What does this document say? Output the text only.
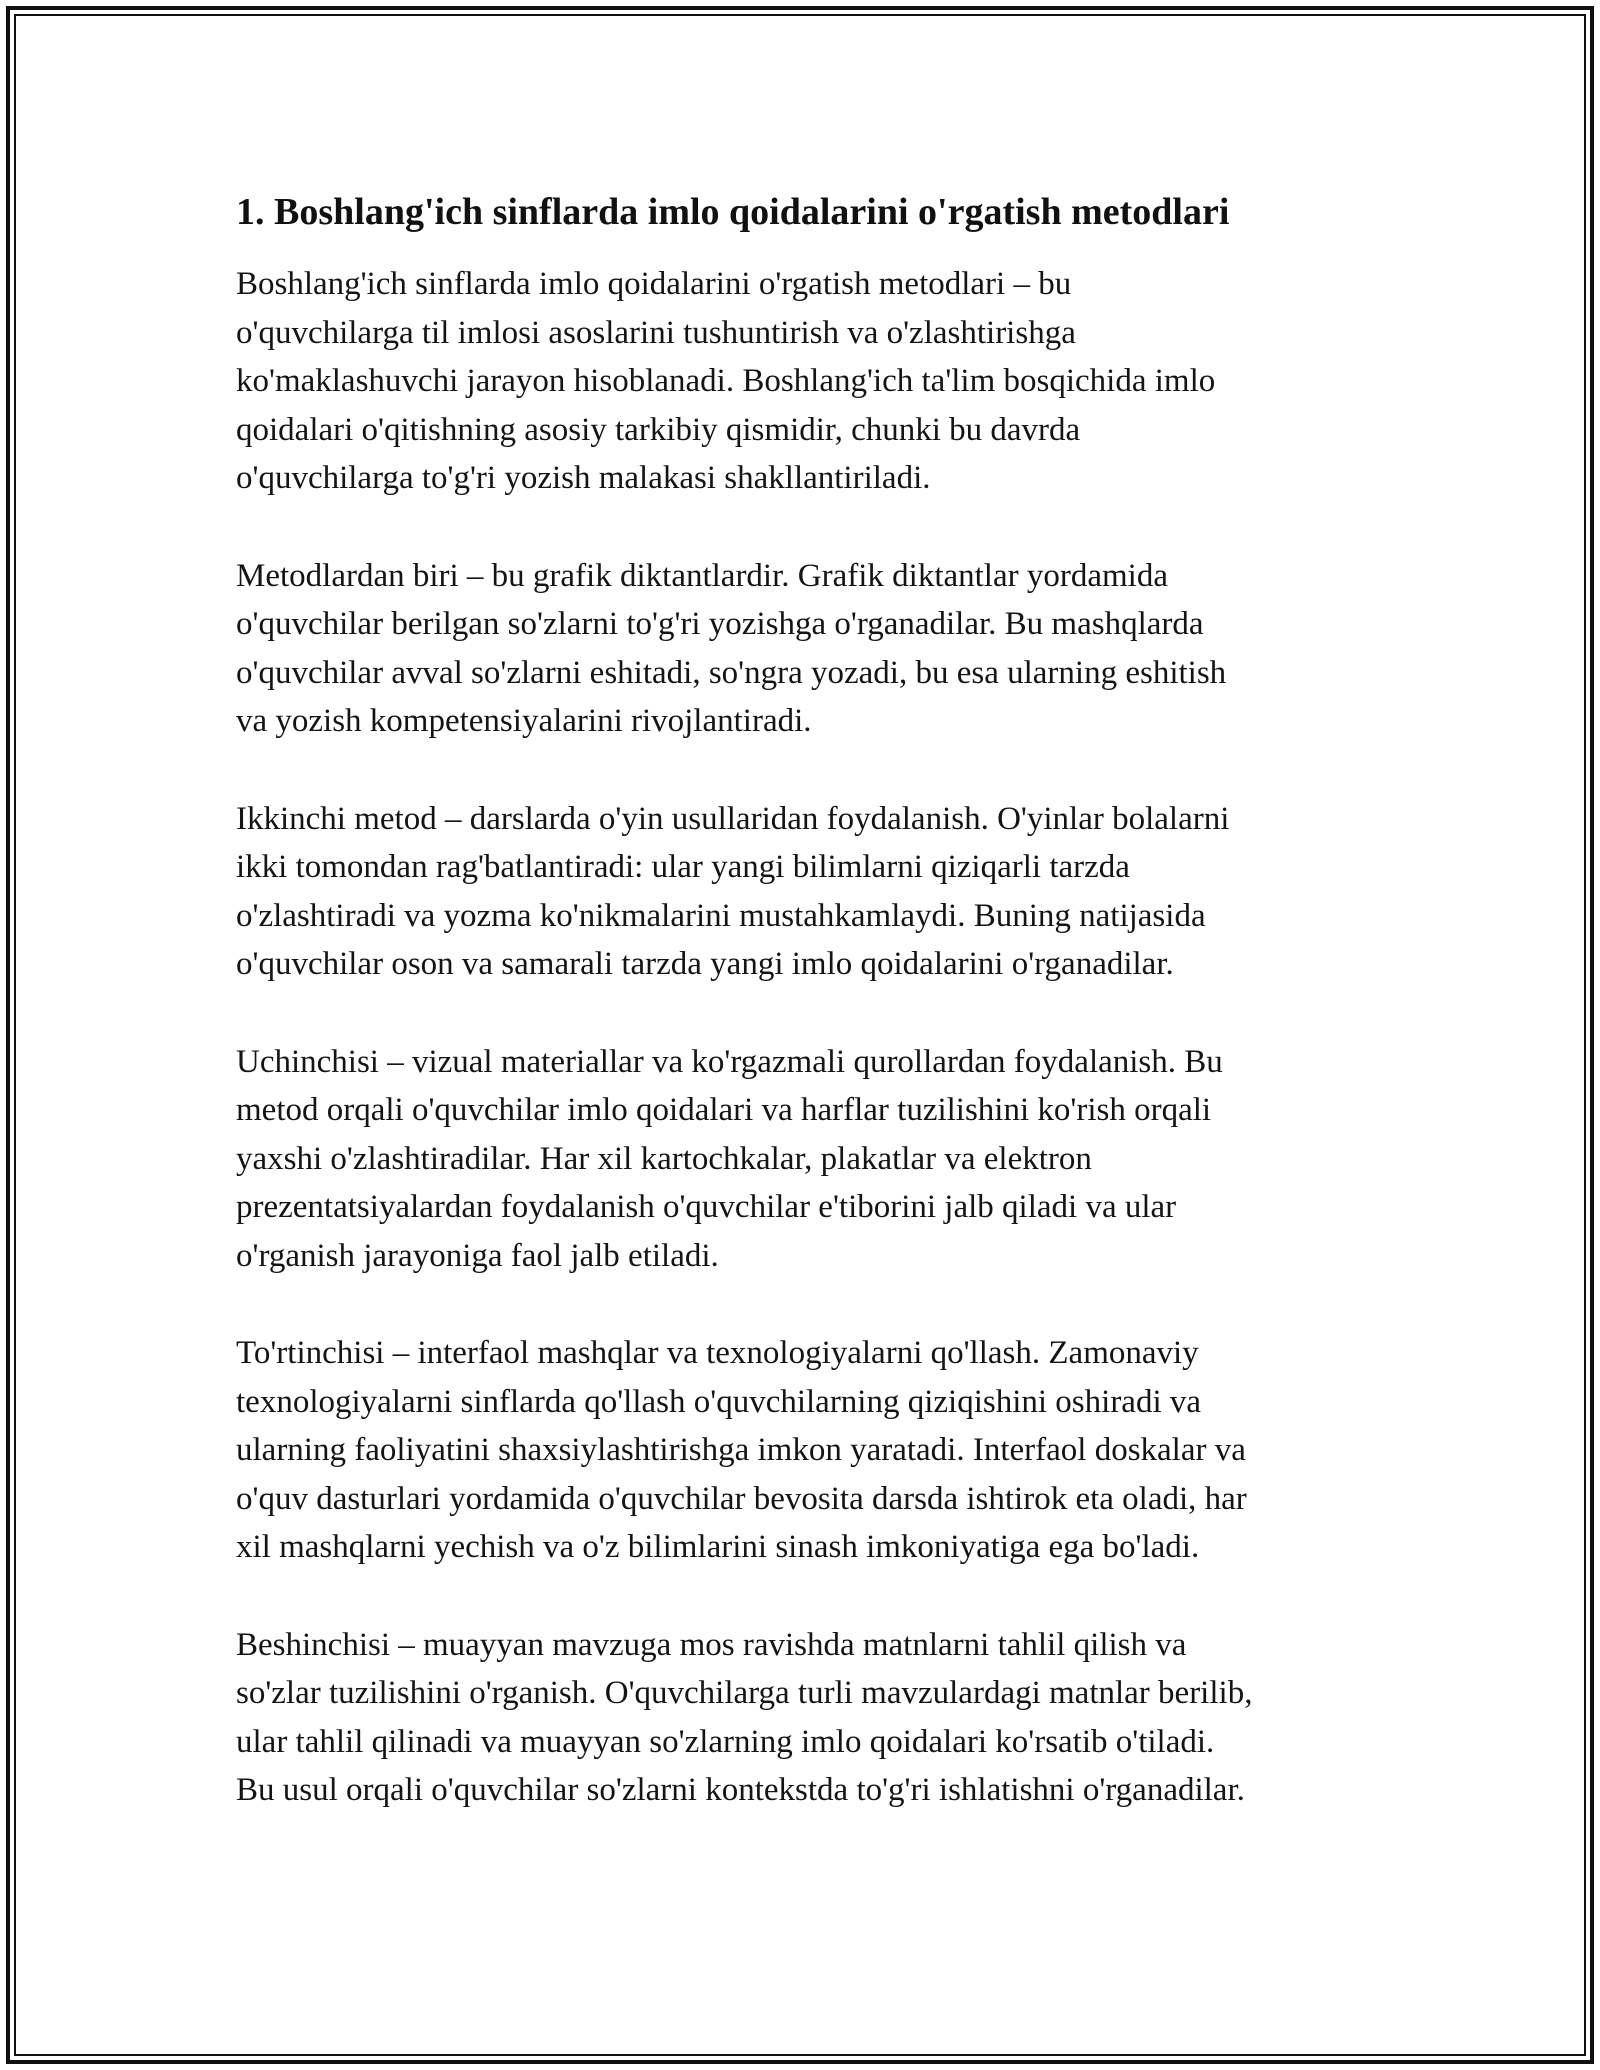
1. Boshlang'ich sinflarda imlo qoidalarini o'rgatish metodlari

Boshlang'ich sinflarda imlo qoidalarini o'rgatish metodlari – bu
o'quvchilarga til imlosi asoslarini tushuntirish va o'zlashtirishga
ko'maklashuvchi jarayon hisoblanadi. Boshlang'ich ta'lim bosqichida imlo
qoidalari o'qitishning asosiy tarkibiy qismidir, chunki bu davrda
o'quvchilarga to'g'ri yozish malakasi shakllantiriladi.

Metodlardan biri – bu grafik diktantlardir. Grafik diktantlar yordamida
o'quvchilar berilgan so'zlarni to'g'ri yozishga o'rganadilar. Bu mashqlarda
o'quvchilar avval so'zlarni eshitadi, so'ngra yozadi, bu esa ularning eshitish
va yozish kompetensiyalarini rivojlantiradi.

Ikkinchi metod – darslarda o'yin usullaridan foydalanish. O'yinlar bolalarni
ikki tomondan rag'batlantiradi: ular yangi bilimlarni qiziqarli tarzda
o'zlashtiradi va yozma ko'nikmalarini mustahkamlaydi. Buning natijasida
o'quvchilar oson va samarali tarzda yangi imlo qoidalarini o'rganadilar.

Uchinchisi – vizual materiallar va ko'rgazmali qurollardan foydalanish. Bu
metod orqali o'quvchilar imlo qoidalari va harflar tuzilishini ko'rish orqali
yaxshi o'zlashtiradilar. Har xil kartochkalar, plakatlar va elektron
prezentatsiyalardan foydalanish o'quvchilar e'tiborini jalb qiladi va ular
o'rganish jarayoniga faol jalb etiladi.

To'rtinchisi – interfaol mashqlar va texnologiyalarni qo'llash. Zamonaviy
texnologiyalarni sinflarda qo'llash o'quvchilarning qiziqishini oshiradi va
ularning faoliyatini shaxsiylashtirishga imkon yaratadi. Interfaol doskalar va
o'quv dasturlari yordamida o'quvchilar bevosita darsda ishtirok eta oladi, har
xil mashqlarni yechish va o'z bilimlarini sinash imkoniyatiga ega bo'ladi.

Beshinchisi – muayyan mavzuga mos ravishda matnlarni tahlil qilish va
so'zlar tuzilishini o'rganish. O'quvchilarga turli mavzulardagi matnlar berilib,
ular tahlil qilinadi va muayyan so'zlarning imlo qoidalari ko'rsatib o'tiladi.
Bu usul orqali o'quvchilar so'zlarni kontekstda to'g'ri ishlatishni o'rganadilar.
